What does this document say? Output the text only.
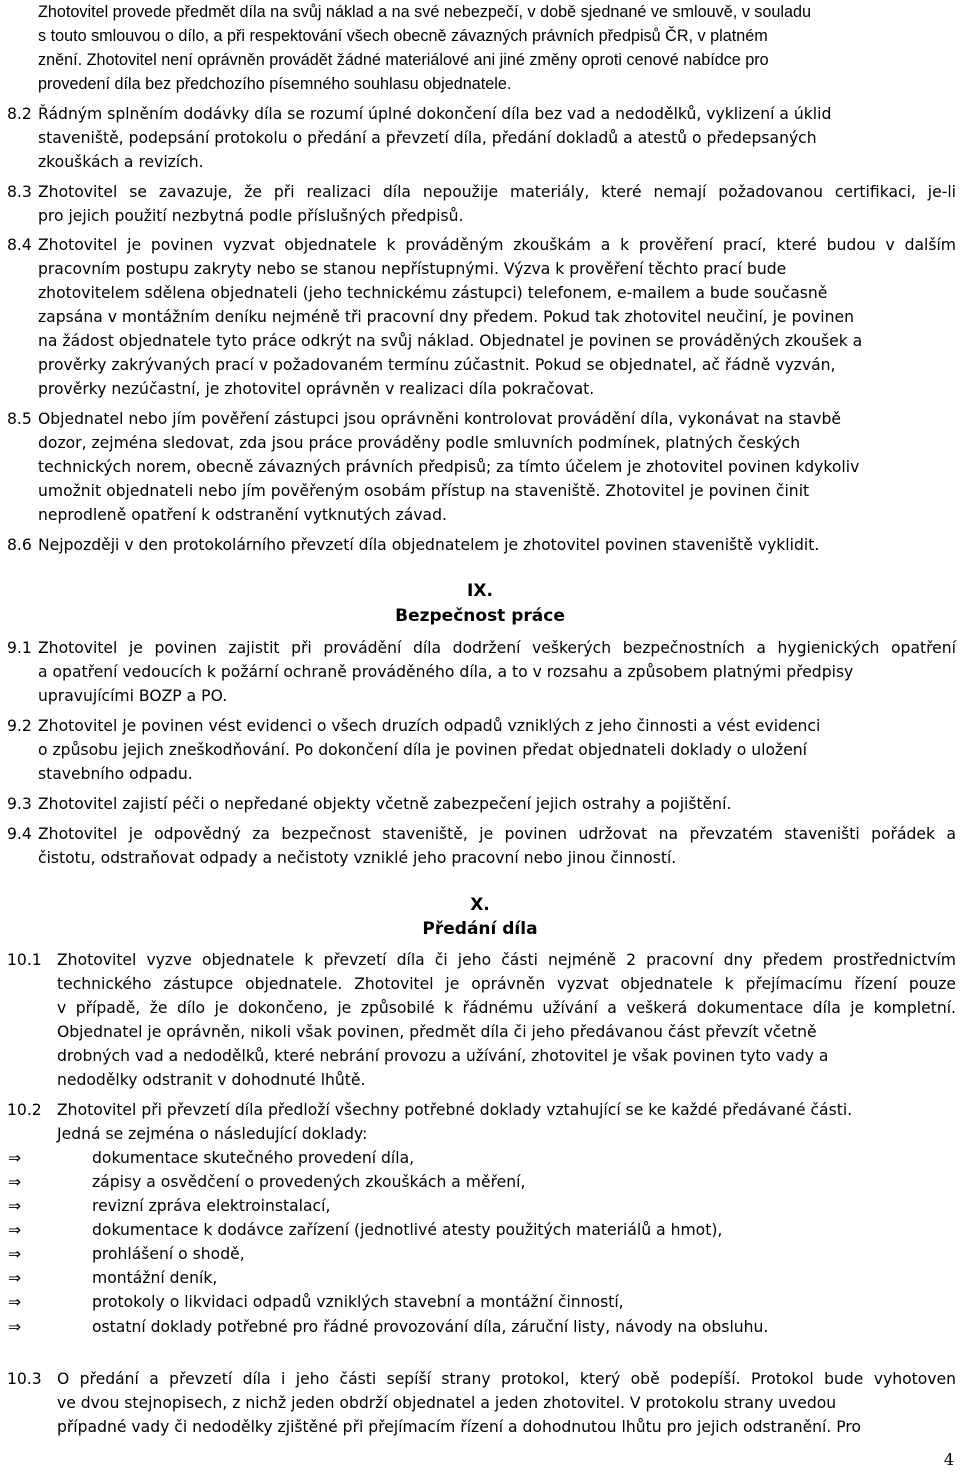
Zhotovitel provede předmět díla na svůj náklad a na své nebezpečí, v době sjednané ve smlouvě, v souladu
s touto smlouvou o dílo, a při respektování všech obecně závazných právních předpisů ČR, v platném
znění. Zhotovitel není oprávněn provádět žádné materiálové ani jiné změny oproti cenové nabídce pro
provedení díla bez předchozího písemného souhlasu objednatele.
8.2 Řádným splněním dodávky díla se rozumí úplné dokončení díla bez vad a nedodělků, vyklizení a úklid
staveniště, podepsání protokolu o předání a převzetí díla, předání dokladů a atestů o předepsaných
zkouškách a revizích.
8.3 Zhotovitel se zavazuje, že při realizaci díla nepoužije materiály, které nemají požadovanou certifikaci, je-li
pro jejich použití nezbytná podle příslušných předpisů.
8.4 Zhotovitel je povinen vyzvat objednatele k prováděným zkouškám a k prověření prací, které budou v dalším
pracovním postupu zakryty nebo se stanou nepřístupnými. Výzva k prověření těchto prací bude
zhotovitelem sdělena objednateli (jeho technickému zástupci) telefonem, e-mailem a bude současně
zapsána v montážním deníku nejméně tři pracovní dny předem. Pokud tak zhotovitel neučiní, je povinen
na žádost objednatele tyto práce odkrýt na svůj náklad. Objednatel je povinen se prováděných zkoušek a
prověrky zakrývaných prací v požadovaném termínu zúčastnit. Pokud se objednatel, ač řádně vyzván,
prověrky nezúčastní, je zhotovitel oprávněn v realizaci díla pokračovat.
8.5 Objednatel nebo jím pověření zástupci jsou oprávněni kontrolovat provádění díla, vykonávat na stavbě
dozor, zejména sledovat, zda jsou práce prováděny podle smluvních podmínek, platných českých
technických norem, obecně závazných právních předpisů; za tímto účelem je zhotovitel povinen kdykoliv
umožnit objednateli nebo jím pověřeným osobám přístup na staveniště. Zhotovitel je povinen činit
neprodleně opatření k odstranění vytknutých závad.
8.6 Nejpozději v den protokolárního převzetí díla objednatelem je zhotovitel povinen staveniště vyklidit.
IX.
Bezpečnost práce
9.1 Zhotovitel je povinen zajistit při provádění díla dodržení veškerých bezpečnostních a hygienických opatření
a opatření vedoucích k požární ochraně prováděného díla, a to v rozsahu a způsobem platnými předpisy
upravujícími BOZP a PO.
9.2 Zhotovitel je povinen vést evidenci o všech druzích odpadů vzniklých z jeho činnosti a vést evidenci
o způsobu jejich zneškodňování. Po dokončení díla je povinen předat objednateli doklady o uložení
stavebního odpadu.
9.3 Zhotovitel zajistí péči o nepředané objekty včetně zabezpečení jejich ostrahy a pojištění.
9.4 Zhotovitel je odpovědný za bezpečnost staveniště, je povinen udržovat na převzatém staveništi pořádek a
čistotu, odstraňovat odpady a nečistoty vzniklé jeho pracovní nebo jinou činností.
X.
Předání díla
10.1 Zhotovitel vyzve objednatele k převzetí díla či jeho části nejméně 2 pracovní dny předem prostřednictvím
technického zástupce objednatele. Zhotovitel je oprávněn vyzvat objednatele k přejímacímu řízení pouze
v případě, že dílo je dokončeno, je způsobilé k řádnému užívání a veškerá dokumentace díla je kompletní.
Objednatel je oprávněn, nikoli však povinen, předmět díla či jeho předávanou část převzít včetně
drobných vad a nedodělků, které nebrání provozu a užívání, zhotovitel je však povinen tyto vady a
nedodělky odstranit v dohodnuté lhůtě.
10.2 Zhotovitel při převzetí díla předloží všechny potřebné doklady vztahující se ke každé předávané části.
Jedná se zejména o následující doklady:
⇒	dokumentace skutečného provedení díla,
⇒	zápisy a osvědčení o provedených zkouškách a měření,
⇒	revizní zpráva elektroinstalací,
⇒	dokumentace k dodávce zařízení (jednotlivé atesty použitých materiálů a hmot),
⇒	prohlášení o shodě,
⇒	montážní deník,
⇒	protokoly o likvidaci odpadů vzniklých stavební a montážní činností,
⇒	ostatní doklady potřebné pro řádné provozování díla, záruční listy, návody na obsluhu.
10.3 O předání a převzetí díla i jeho části sepíší strany protokol, který obě podepíší. Protokol bude vyhotoven
ve dvou stejnopisech, z nichž jeden obdrží objednatel a jeden zhotovitel. V protokolu strany uvedou
případné vady či nedodělky zjištěné při přejímacím řízení a dohodnutou lhůtu pro jejich odstranění. Pro
4
